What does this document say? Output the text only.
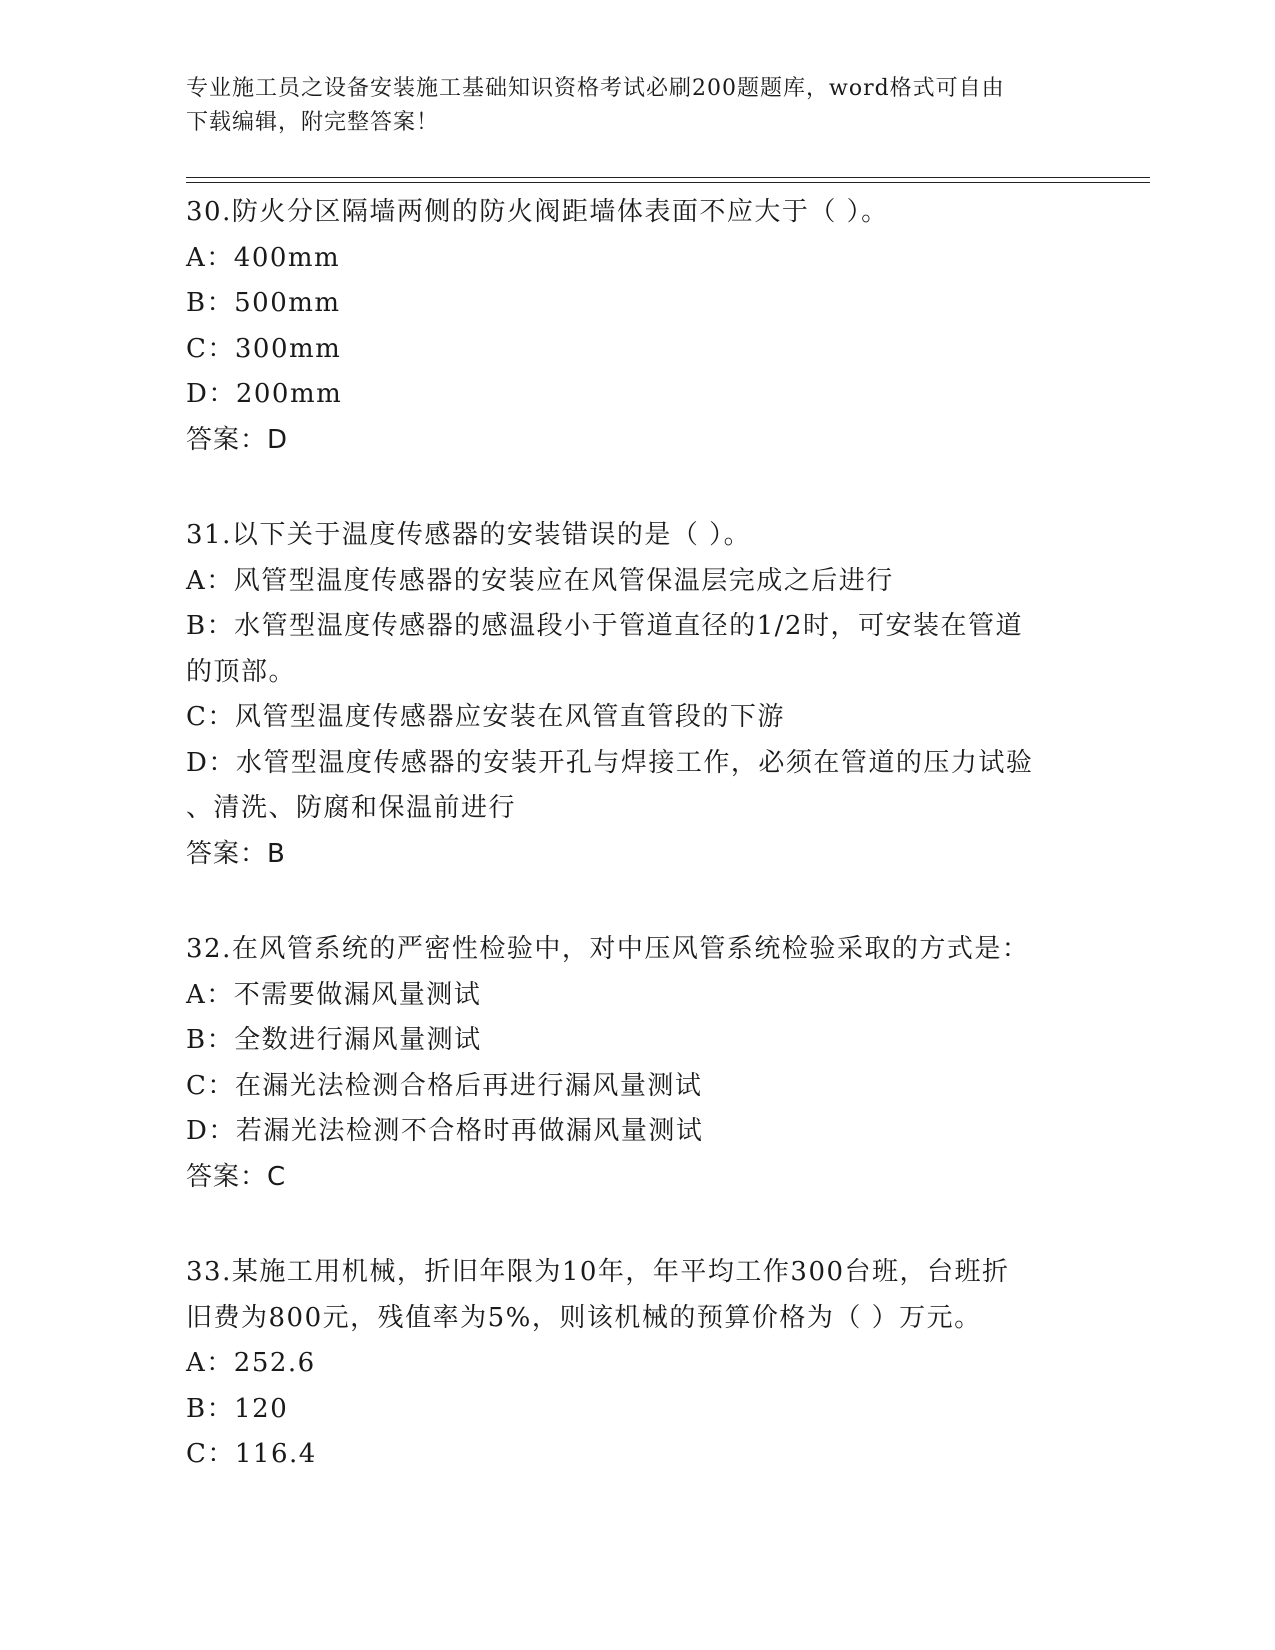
专业施工员之设备安装施工基础知识资格考试必刷200题题库，word格式可自由
下载编辑，附完整答案！
30.防火分区隔墙两侧的防火阀距墙体表面不应大于（ ）。
A：400mm
B：500mm
C：300mm
D：200mm
答案：D
31.以下关于温度传感器的安装错误的是（ ）。
A：风管型温度传感器的安装应在风管保温层完成之后进行
B：水管型温度传感器的感温段小于管道直径的1/2时，可安装在管道
的顶部。
C：风管型温度传感器应安装在风管直管段的下游
D：水管型温度传感器的安装开孔与焊接工作，必须在管道的压力试验
、清洗、防腐和保温前进行
答案：B
32.在风管系统的严密性检验中，对中压风管系统检验采取的方式是：
A：不需要做漏风量测试
B：全数进行漏风量测试
C：在漏光法检测合格后再进行漏风量测试
D：若漏光法检测不合格时再做漏风量测试
答案：C
33.某施工用机械，折旧年限为10年，年平均工作300台班，台班折
旧费为800元，残值率为5%，则该机械的预算价格为（ ）万元。
A：252.6
B：120
C：116.4
